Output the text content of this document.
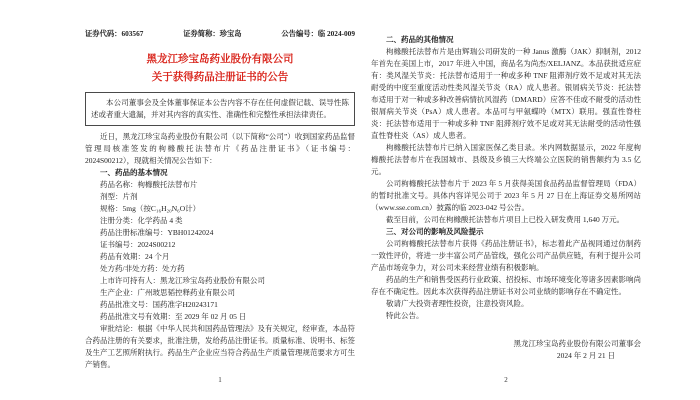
证券代码：603567	证券简称：珍宝岛	公告编号：临 2024-009
黑龙江珍宝岛药业股份有限公司
关于获得药品注册证书的公告
本公司董事会及全体董事保证本公告内容不存在任何虚假记载、误导性陈述或者重大遗漏，并对其内容的真实性、准确性和完整性承担法律责任。

近日，黑龙江珍宝岛药业股份有限公司（以下简称“公司”）收到国家药品监督管理局核准签发的枸橼酸托法替布片《药品注册证书》（证书编号：2024S00212），现就相关情况公告如下：

一、药品的基本情况
药品名称：枸橼酸托法替布片
剂型：片剂
规格：5mg（按C₁₆H₂₀N₆O计）
注册分类：化学药品 4 类
药品注册标准编号：YBH01242024
证书编号：2024S00212
药品有效期：24 个月
处方药/非处方药：处方药
上市许可持有人：黑龙江珍宝岛药业股份有限公司
生产企业：广州玻思韬控释药业有限公司
药品批准文号：国药准字H20243171
药品批准文号有效期：至 2029 年 02 月 05 日

审批结论：根据《中华人民共和国药品管理法》及有关规定，经审查，本品符合药品注册的有关要求，批准注册，发给药品注册证书。质量标准、说明书、标签及生产工艺照所附执行。药品生产企业应当符合药品生产质量管理规范要求方可生产销售。

1
二、药品的其他情况

枸橼酸托法替布片是由辉瑞公司研发的一种 Janus 激酶（JAK）抑制剂，2012 年首先在美国上市，2017 年进入中国，商品名为尚杰/XELJANZ。本品获批适应症有：类风湿关节炎：托法替布适用于一种或多种 TNF 阻滞剂疗效不足或对其无法耐受的中度至重度活动性类风湿关节炎（RA）成人患者。银屑病关节炎：托法替布适用于对一种或多种改善病情抗风湿药（DMARD）应答不佳或不耐受的活动性银屑病关节炎（PsA）成人患者。本品可与甲氨蝶呤（MTX）联用。强直性脊柱炎：托法替布适用于一种或多种 TNF 阻滞剂疗效不足或对其无法耐受的活动性强直性脊柱炎（AS）成人患者。

枸橼酸托法替布片已纳入国家医保乙类目录。米内网数据显示，2022 年度枸橼酸托法替布片在我国城市、县级及乡镇三大终端公立医院的销售额约为 3.5 亿元。

公司枸橼酸托法替布片于 2023 年 5 月获得美国食品药品监督管理局（FDA）的暂时批准文号。具体内容详见公司于 2023 年 5 月 27 日在上海证券交易所网站（www.sse.com.cn）披露的临 2023-042 号公告。

截至目前，公司在枸橼酸托法替布片项目上已投入研发费用 1,640 万元。

三、对公司的影响及风险提示

公司枸橼酸托法替布片获得《药品注册证书》，标志着此产品视同通过仿制药一致性评价，将进一步丰富公司产品管线，强化公司产品供应链，有利于提升公司产品市场竞争力，对公司未来经营业绩有积极影响。

药品的生产和销售受医药行业政策、招投标、市场环境变化等诸多因素影响尚存在不确定性。因此本次获得药品注册证书对公司业绩的影响存在不确定性。

敬请广大投资者理性投资，注意投资风险。

特此公告。

黑龙江珍宝岛药业股份有限公司董事会
2024 年 2 月 21 日
2
